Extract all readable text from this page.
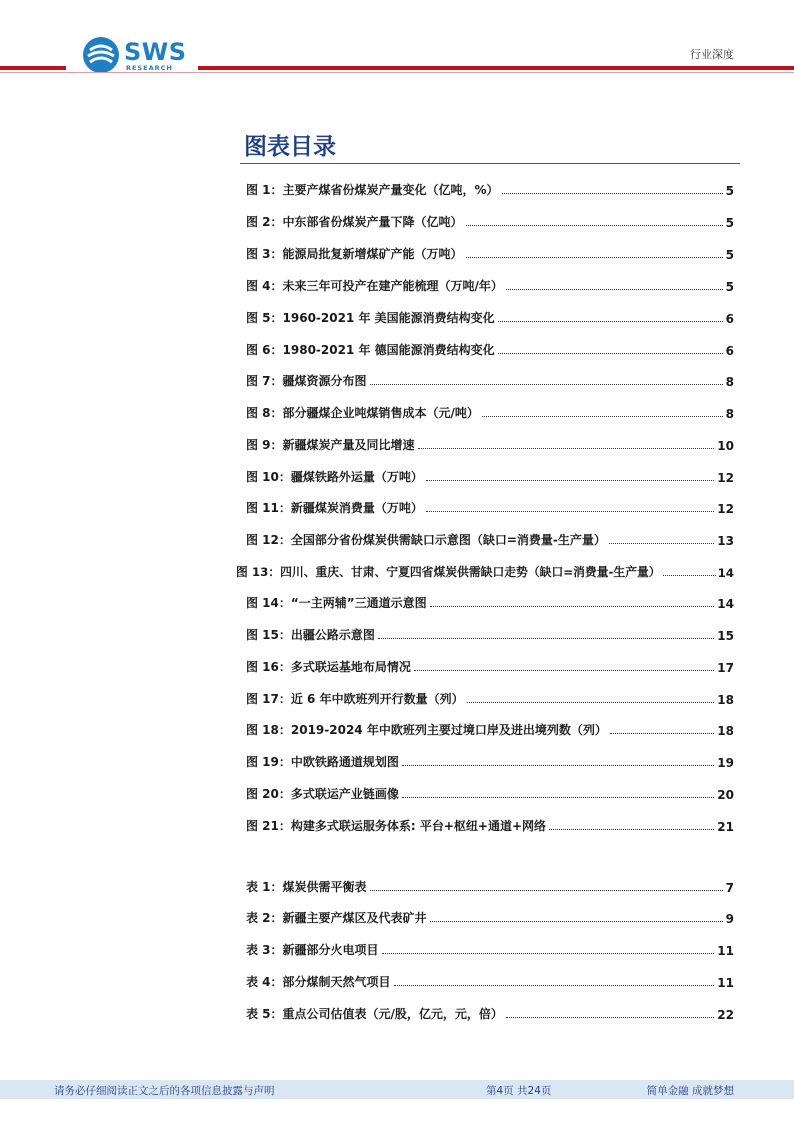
SWS
RESEARCH
行业深度
图表目录
图 1：主要产煤省份煤炭产量变化（亿吨，%）	5
图 2：中东部省份煤炭产量下降（亿吨）	5
图 3：能源局批复新增煤矿产能（万吨）	5
图 4：未来三年可投产在建产能梳理（万吨/年）	5
图 5：1960-2021 年 美国能源消费结构变化	6
图 6：1980-2021 年 德国能源消费结构变化	6
图 7：疆煤资源分布图	8
图 8：部分疆煤企业吨煤销售成本（元/吨）	8
图 9：新疆煤炭产量及同比增速	10
图 10：疆煤铁路外运量（万吨）	12
图 11：新疆煤炭消费量（万吨）	12
图 12：全国部分省份煤炭供需缺口示意图（缺口=消费量-生产量）	13
图 13：四川、重庆、甘肃、宁夏四省煤炭供需缺口走势（缺口=消费量-生产量）	14
图 14：“一主两辅”三通道示意图	14
图 15：出疆公路示意图	15
图 16：多式联运基地布局情况	17
图 17：近 6 年中欧班列开行数量（列）	18
图 18：2019-2024 年中欧班列主要过境口岸及进出境列数（列）	18
图 19：中欧铁路通道规划图	19
图 20：多式联运产业链画像	20
图 21：构建多式联运服务体系: 平台+枢纽+通道+网络	21
表 1：煤炭供需平衡表	7
表 2：新疆主要产煤区及代表矿井	9
表 3：新疆部分火电项目	11
表 4：部分煤制天然气项目	11
表 5：重点公司估值表（元/股，亿元，元，倍）	22
请务必仔细阅读正文之后的各项信息披露与声明	第4页 共24页	简单金融 成就梦想
